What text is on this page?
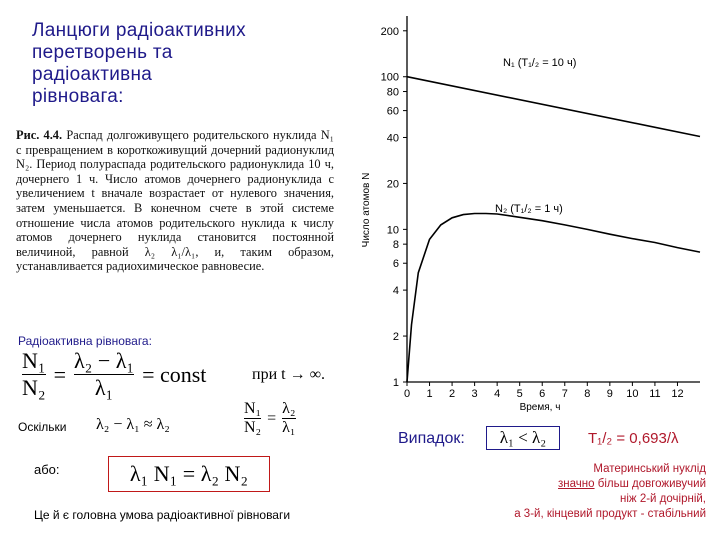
Ланцюги радіоактивних
перетворень та
радіоактивна
рівновага:
Рис. 4.4. Распад долгоживущего родительского нуклида N₁ с превращением в короткоживущий дочерний радионуклид N₂. Период полураспада родительского радионуклида 10 ч, дочернего 1 ч. Число атомов дочернего радионуклида с увеличением t вначале возрастает от нулевого значения, затем уменьшается. В конечном счете в этой системе отношение числа атомов родительского нуклида к числу атомов дочернего нуклида становится постоянной величиной, равной λ₂ λ₁/λ₁, и, таким образом, устанавливается радиохимическое равновесие.
Радіоактивна рівновага:
$\frac{\text{N₁}}{\text{N₂}} = \frac{\text{λ₂ − λ₁}}{\text{λ₁}}$ = const	при t → ∞.
Оскільки λ₂ − λ₁ ≈ λ₂	$\frac{\text{N₁}}{\text{N₂}} = \frac{\text{λ₂}}{\text{λ₁}}$
або:	λ₁ N₁ = λ₂ N₂
Це й є головна умова радіоактивної рівноваги
Випадок:	λ₁ < λ₂	T₁/₂ = 0,693/λ
Материнський нуклід
значно більш довгоживучий
ніж 2-й дочірній,
а 3-й, кінцевий продукт - стабільний
1
2
4
6
8
10
20
40
60
80
100
200
0 1 2 3 4 5 6 7 8 9 10 11 12
Число атомов N
Время, ч
N₁ (T₁/₂ = 10 ч)
N₂ (T₁/₂ = 1 ч)
